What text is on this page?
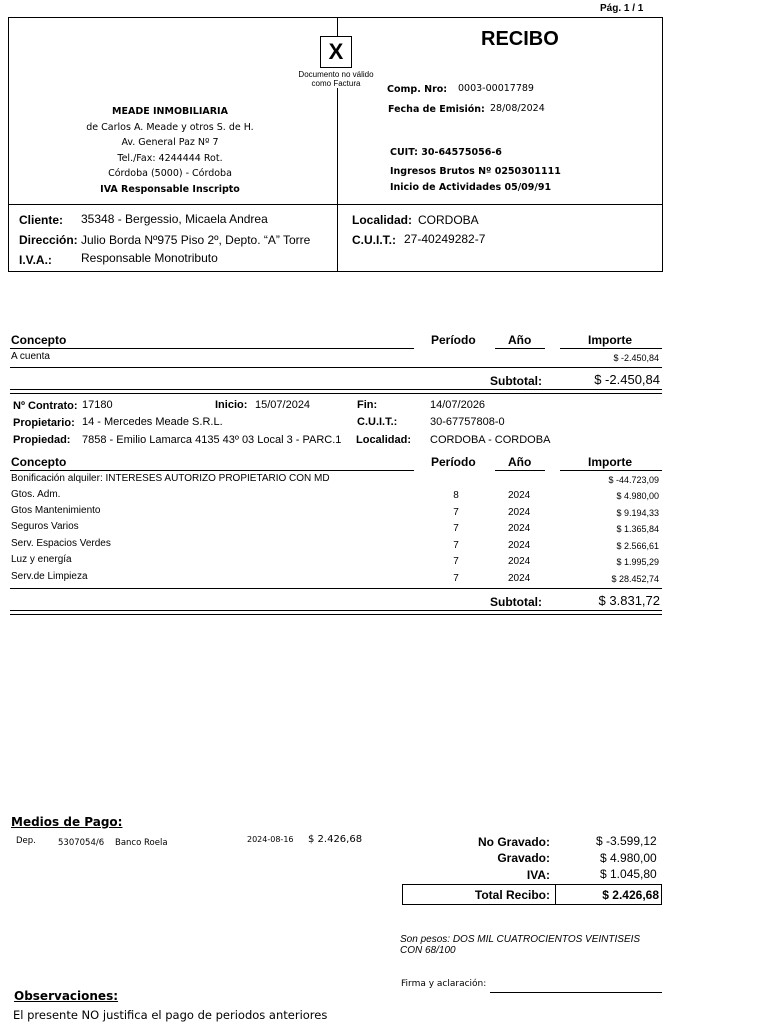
Pág. 1 / 1
X
Documento no válido
como Factura
RECIBO
MEADE INMOBILIARIA
de Carlos A. Meade y otros S. de H.
Av. General Paz Nº 7
Tel./Fax: 4244444 Rot.
Córdoba (5000) - Córdoba
IVA Responsable Inscripto
Comp. Nro: 0003-00017789
Fecha de Emisión: 28/08/2024
CUIT: 30-64575056-6
Ingresos Brutos Nº 0250301111
Inicio de Actividades 05/09/91
Cliente: 35348 - Bergessio, Micaela Andrea
Dirección: Julio Borda Nº975 Piso 2º, Depto. “A” Torre
I.V.A.: Responsable Monotributo
Localidad: CORDOBA
C.U.I.T.: 27-40249282-7
Concepto	Período	Año	Importe
A cuenta	$ -2.450,84
Subtotal:	$ -2.450,84
Nº Contrato: 17180	Inicio: 15/07/2024	Fin:	14/07/2026
Propietario: 14 - Mercedes Meade S.R.L.	C.U.I.T.:	30-67757808-0
Propiedad: 7858 - Emilio Lamarca 4135 43º 03 Local 3 - PARC.1 Localidad: CORDOBA - CORDOBA
Concepto	Período	Año	Importe
Bonificación alquiler: INTERESES AUTORIZO PROPIETARIO CON MD	$ -44.723,09
Gtos. Adm.	8	2024	$ 4.980,00
Gtos Mantenimiento	7	2024	$ 9.194,33
Seguros Varios	7	2024	$ 1.365,84
Serv. Espacios Verdes	7	2024	$ 2.566,61
Luz y energía	7	2024	$ 1.995,29
Serv.de Limpieza	7	2024	$ 28.452,74
Subtotal:	$ 3.831,72
Medios de Pago:
Dep.	5307054/6 Banco Roela	2024-08-16 $ 2.426,68	No Gravado:	$ -3.599,12
Gravado:	$ 4.980,00
IVA:	$ 1.045,80
Total Recibo:	$ 2.426,68
Son pesos: DOS MIL CUATROCIENTOS VEINTISEIS
CON 68/100
Firma y aclaración:
Observaciones:
El presente NO justifica el pago de periodos anteriores
